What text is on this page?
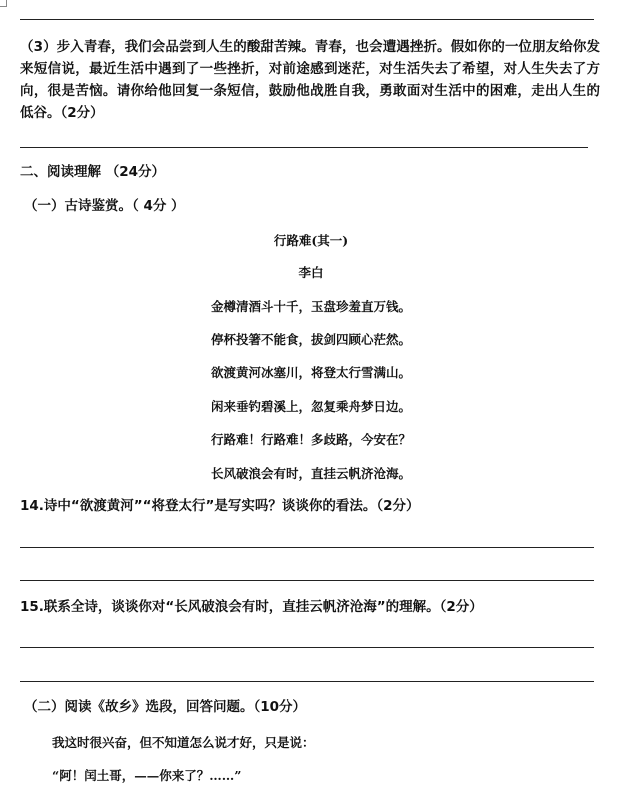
（3）步入青春，我们会品尝到人生的酸甜苦辣。青春，也会遭遇挫折。假如你的一位朋友给你发来短信说，最近生活中遇到了一些挫折，对前途感到迷茫，对生活失去了希望，对人生失去了方向，很是苦恼。请你给他回复一条短信，鼓励他战胜自我，勇敢面对生活中的困难，走出人生的低谷。（2分）
二、阅读理解 （24分）
（一）古诗鉴赏。（ 4分 ）
行路难(其一)
李白
金樽清酒斗十千，玉盘珍羞直万钱。
停杯投箸不能食，拔剑四顾心茫然。
欲渡黄河冰塞川，将登太行雪满山。
闲来垂钓碧溪上，忽复乘舟梦日边。
行路难！行路难！多歧路，今安在？
长风破浪会有时，直挂云帆济沧海。
14.诗中“欲渡黄河”“将登太行”是写实吗？谈谈你的看法。（2分）
15.联系全诗，谈谈你对“长风破浪会有时，直挂云帆济沧海”的理解。（2分）
（二）阅读《故乡》选段，回答问题。（10分）
我这时很兴奋，但不知道怎么说才好，只是说：
“阿！闰土哥，——你来了？……”
